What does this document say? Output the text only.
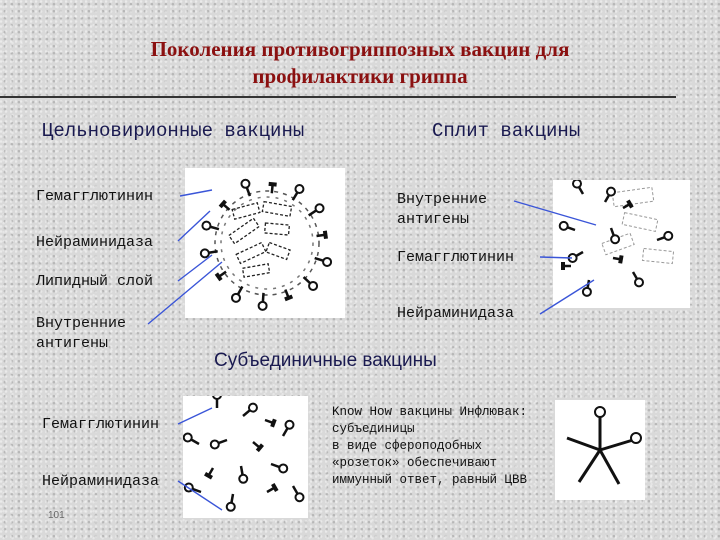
Поколения противогриппозных вакцин для
профилактики гриппа
Цельновирионные вакцины	Сплит вакцины
Субъединичные вакцины
Гемагглютинин
Нейраминидаза
Липидный слой
Внутренние
антигены
Внутренние
антигены
Гемагглютинин
Нейраминидаза
Гемагглютинин
Нейраминидаза
Know How вакцины Инфлювак:
субъединицы
в виде сфероподобных
«розеток» обеспечивают
иммунный ответ, равный ЦВВ
101
